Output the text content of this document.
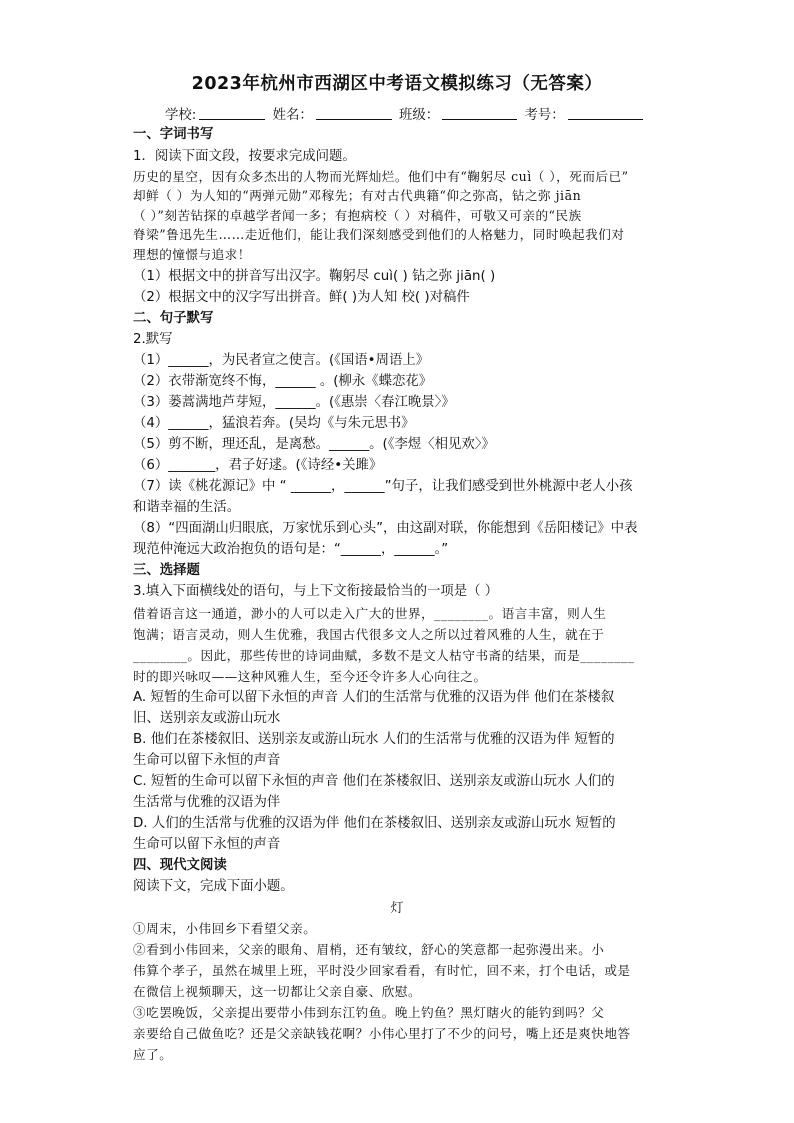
2023年杭州市西湖区中考语文模拟练习（无答案）
学校:	姓名：	班级：	考号：
一、字词书写
1．阅读下面文段，按要求完成问题。
历史的星空，因有众多杰出的人物而光辉灿烂。他们中有“鞠躬尽 cuì（ ），死而后已”
却鲜（ ）为人知的“两弹元勋”邓稼先；有对古代典籍“仰之弥高，钻之弥 jiān
（ ）”刻苦钻探的卓越学者闻一多；有抱病校（ ）对稿件，可敬又可亲的“民族
脊梁”鲁迅先生……走近他们，能让我们深刻感受到他们的人格魅力，同时唤起我们对
理想的憧憬与追求！
（1）根据文中的拼音写出汉字。鞠躬尽 cuì( ) 钻之弥 jiān( )
（2）根据文中的汉字写出拼音。鲜( )为人知 校( )对稿件
二、句子默写
2.默写
（1）______，为民者宣之使言。(《国语•周语上》
（2）衣带渐宽终不悔，______ 。(柳永《蝶恋花》
（3）蒌蒿满地芦芽短，______。(《惠崇〈春江晚景〉》
（4）______，猛浪若奔。(吴均《与朱元思书》
（5）剪不断，理还乱，是离愁。______。(《李煜〈相见欢〉》
（6）_______，君子好逑。(《诗经•关雎》
（7）读《桃花源记》中 “ ______，______”句子，让我们感受到世外桃源中老人小孩
和谐幸福的生活。
（8）“四面湖山归眼底，万家忧乐到心头”，由这副对联，你能想到《岳阳楼记》中表
现范仲淹远大政治抱负的语句是：“______，______。”
三、选择题
3.填入下面横线处的语句，与上下文衔接最恰当的一项是（ ）
借着语言这一通道，渺小的人可以走入广大的世界，________。语言丰富，则人生
饱满；语言灵动，则人生优雅，我国古代很多文人之所以过着风雅的人生，就在于
________。因此，那些传世的诗词曲赋，多数不是文人枯守书斋的结果，而是________
时的即兴咏叹——这种风雅人生，至今还令许多人心向往之。
A. 短暂的生命可以留下永恒的声音 人们的生活常与优雅的汉语为伴 他们在茶楼叙
旧、送别亲友或游山玩水
B. 他们在茶楼叙旧、送别亲友或游山玩水 人们的生活常与优雅的汉语为伴 短暂的
生命可以留下永恒的声音
C. 短暂的生命可以留下永恒的声音 他们在茶楼叙旧、送别亲友或游山玩水 人们的
生活常与优雅的汉语为伴
D. 人们的生活常与优雅的汉语为伴 他们在茶楼叙旧、送别亲友或游山玩水 短暂的
生命可以留下永恒的声音
四、现代文阅读
阅读下文，完成下面小题。
①周末，小伟回乡下看望父亲。
②看到小伟回来，父亲的眼角、眉梢，还有皱纹，舒心的笑意都一起弥漫出来。小
伟算个孝子，虽然在城里上班，平时没少回家看看，有时忙，回不来，打个电话，或是
在微信上视频聊天，这一切都让父亲自豪、欣慰。
③吃罢晚饭，父亲提出要带小伟到东江钓鱼。晚上钓鱼？黑灯瞎火的能钓到吗？父
亲要给自己做鱼吃？还是父亲缺钱花啊？小伟心里打了不少的问号，嘴上还是爽快地答
应了。
灯
